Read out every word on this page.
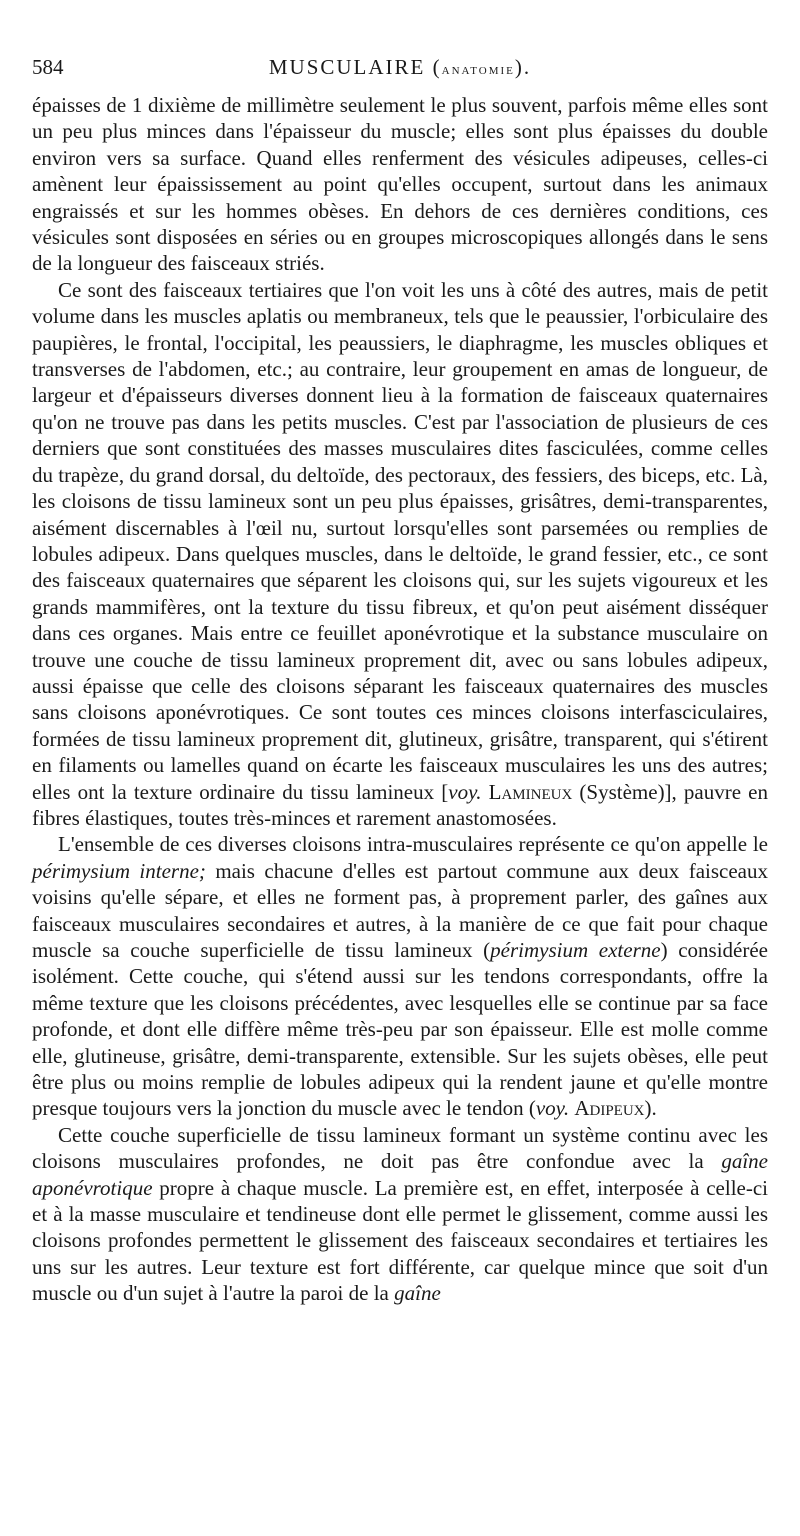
584	MUSCULAIRE (anatomie).

épaisses de 1 dixième de millimètre seulement le plus souvent, parfois même elles sont un peu plus minces dans l'épaisseur du muscle; elles sont plus épaisses du double environ vers sa surface. Quand elles renferment des vésicules adipeuses, celles-ci amènent leur épaississement au point qu'elles occupent, surtout dans les animaux engraissés et sur les hommes obèses. En dehors de ces dernières conditions, ces vésicules sont disposées en séries ou en groupes microscopiques allongés dans le sens de la longueur des faisceaux striés.

Ce sont des faisceaux tertiaires que l'on voit les uns à côté des autres, mais de petit volume dans les muscles aplatis ou membraneux, tels que le peaussier, l'orbiculaire des paupières, le frontal, l'occipital, les peaussiers, le diaphragme, les muscles obliques et transverses de l'abdomen, etc.; au contraire, leur groupement en amas de longueur, de largeur et d'épaisseurs diverses donnent lieu à la formation de faisceaux quaternaires qu'on ne trouve pas dans les petits muscles. C'est par l'association de plusieurs de ces derniers que sont constituées des masses musculaires dites fasciculées, comme celles du trapèze, du grand dorsal, du deltoïde, des pectoraux, des fessiers, des biceps, etc. Là, les cloisons de tissu lamineux sont un peu plus épaisses, grisâtres, demi-transparentes, aisément discernables à l'œil nu, surtout lorsqu'elles sont parsemées ou remplies de lobules adipeux. Dans quelques muscles, dans le deltoïde, le grand fessier, etc., ce sont des faisceaux quaternaires que séparent les cloisons qui, sur les sujets vigoureux et les grands mammifères, ont la texture du tissu fibreux, et qu'on peut aisément disséquer dans ces organes. Mais entre ce feuillet aponévrotique et la substance musculaire on trouve une couche de tissu lamineux proprement dit, avec ou sans lobules adipeux, aussi épaisse que celle des cloisons séparant les faisceaux quaternaires des muscles sans cloisons aponévrotiques. Ce sont toutes ces minces cloisons interfasciculaires, formées de tissu lamineux proprement dit, glutineux, grisâtre, transparent, qui s'étirent en filaments ou lamelles quand on écarte les faisceaux musculaires les uns des autres; elles ont la texture ordinaire du tissu lamineux [voy. Lamineux (Système)], pauvre en fibres élastiques, toutes très-minces et rarement anastomosées.

L'ensemble de ces diverses cloisons intra-musculaires représente ce qu'on appelle le périmysium interne; mais chacune d'elles est partout commune aux deux faisceaux voisins qu'elle sépare, et elles ne forment pas, à proprement parler, des gaînes aux faisceaux musculaires secondaires et autres, à la manière de ce que fait pour chaque muscle sa couche superficielle de tissu lamineux (périmysium externe) considérée isolément. Cette couche, qui s'étend aussi sur les tendons correspondants, offre la même texture que les cloisons précédentes, avec lesquelles elle se continue par sa face profonde, et dont elle diffère même très-peu par son épaisseur. Elle est molle comme elle, glutineuse, grisâtre, demi-transparente, extensible. Sur les sujets obèses, elle peut être plus ou moins remplie de lobules adipeux qui la rendent jaune et qu'elle montre presque toujours vers la jonction du muscle avec le tendon (voy. Adipeux).

Cette couche superficielle de tissu lamineux formant un système continu avec les cloisons musculaires profondes, ne doit pas être confondue avec la gaîne aponévrotique propre à chaque muscle. La première est, en effet, interposée à celle-ci et à la masse musculaire et tendineuse dont elle permet le glissement, comme aussi les cloisons profondes permettent le glissement des faisceaux secondaires et tertiaires les uns sur les autres. Leur texture est fort différente, car quelque mince que soit d'un muscle ou d'un sujet à l'autre la paroi de la gaîne
